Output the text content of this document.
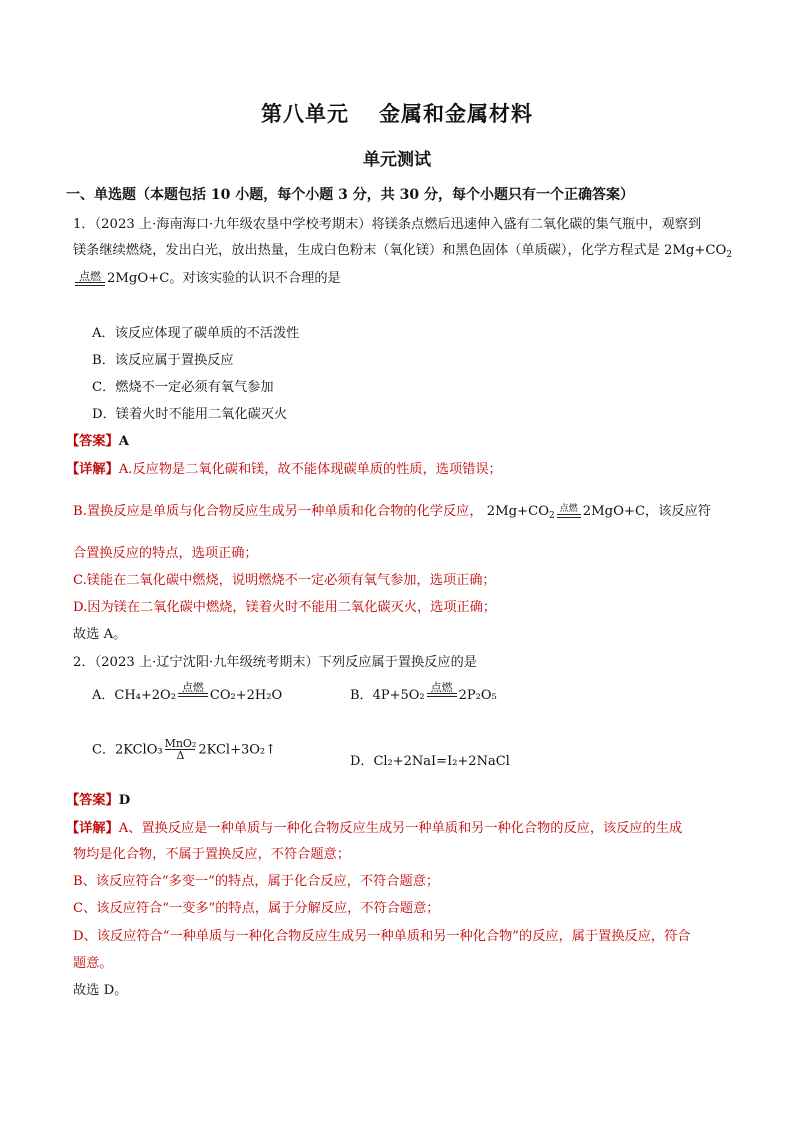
第八单元 金属和金属材料
单元测试
一、单选题（本题包括 10 小题，每个小题 3 分，共 30 分，每个小题只有一个正确答案）
1．（2023 上·海南海口·九年级农垦中学校考期末）将镁条点燃后迅速伸入盛有二氧化碳的集气瓶中，观察到
镁条继续燃烧，发出白光，放出热量，生成白色粉末（氧化镁）和黑色固体（单质碳），化学方程式是 $2Mg+CO_2$
点燃 2MgO+C。对该实验的认识不合理的是
A．该反应体现了碳单质的不活泼性
B．该反应属于置换反应
C．燃烧不一定必须有氧气参加
D．镁着火时不能用二氧化碳灭火
【答案】A
【详解】A.反应物是二氧化碳和镁，故不能体现碳单质的性质，选项错误；
B.置换反应是单质与化合物反应生成另一种单质和化合物的化学反应， $2Mg+CO_2$
点燃 2MgO+C，该反应符
合置换反应的特点，选项正确；
C.镁能在二氧化碳中燃烧，说明燃烧不一定必须有氧气参加，选项正确；
D.因为镁在二氧化碳中燃烧，镁着火时不能用二氧化碳灭火，选项正确；
故选 A。
2．（2023 上·辽宁沈阳·九年级统考期末）下列反应属于置换反应的是
A．CH₄+2O₂
点燃
CO₂+2H₂O	B．4P+5O₂
点燃
2P₂O₅
C．2KClO₃ MnO₂
Δ 2KCl+3O₂↑
D．Cl₂+2NaI=I₂+2NaCl
【答案】D
【详解】A、置换反应是一种单质与一种化合物反应生成另一种单质和另一种化合物的反应，该反应的生成
物均是化合物，不属于置换反应，不符合题意；
B、该反应符合“多变一”的特点，属于化合反应，不符合题意；
C、该反应符合“一变多”的特点，属于分解反应，不符合题意；
D、该反应符合“一种单质与一种化合物反应生成另一种单质和另一种化合物”的反应，属于置换反应，符合
题意。
故选 D。
